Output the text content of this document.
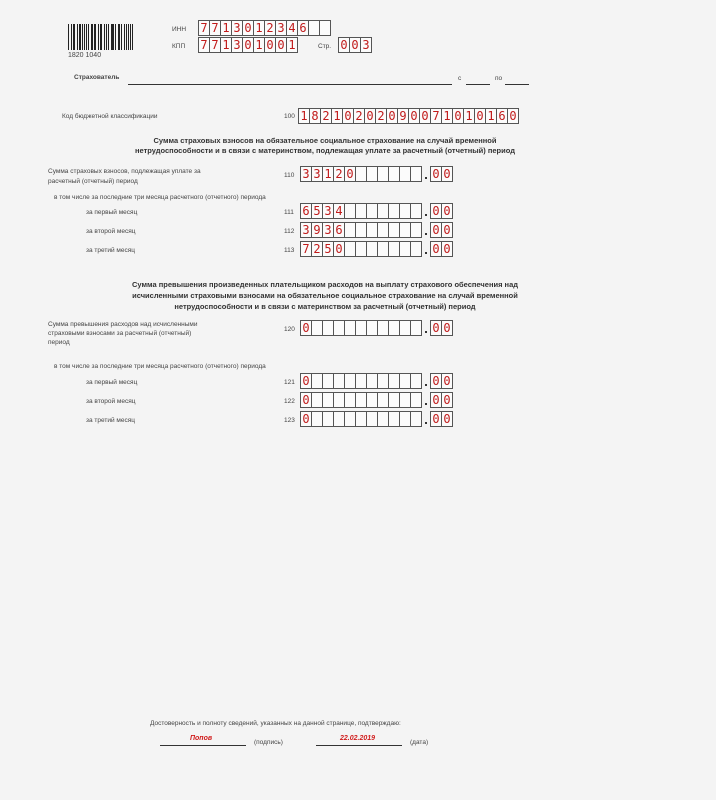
1820 1040
ИНН 7 7 1 3 0 1 2 3 4 6
КПП 7 7 1 3 0 1 0 0 1	Стр. 0 0 3
Страхователь	с	по
Код бюджетной классификации	100 1 8 2 1 0 2 0 2 0 9 0 0 7 1 0 1 0 1 6 0
Сумма страховых взносов на обязательное социальное страхование на случай временной
нетрудоспособности и в связи с материнством, подлежащая уплате за расчетный (отчетный) период
Сумма страховых взносов, подлежащая уплате за
расчетный (отчетный) период
110 3 3 1 2 0	0 0
в том числе за последние три месяца расчетного (отчетного) периода
за первый месяц	111 6 5 3 4	0 0
за второй месяц	112 3 9 3 6	0 0
за третий месяц	113 7 2 5 0	0 0
Сумма превышения произведенных плательщиком расходов на выплату страхового обеспечения над
исчисленными страховыми взносами на обязательное социальное страхование на случай временной
нетрудоспособности и в связи с материнством за расчетный (отчетный) период
Сумма превышения расходов над исчисленными
страховыми взносами за расчетный (отчетный)
период
120 0	0 0
в том числе за последние три месяца расчетного (отчетного) периода
за первый месяц	121 0	0 0
за второй месяц	122 0	0 0
за третий месяц	123 0	0 0
Достоверность и полноту сведений, указанных на данной странице, подтверждаю:
Попов
(подпись)
22.02.2019
(дата)
